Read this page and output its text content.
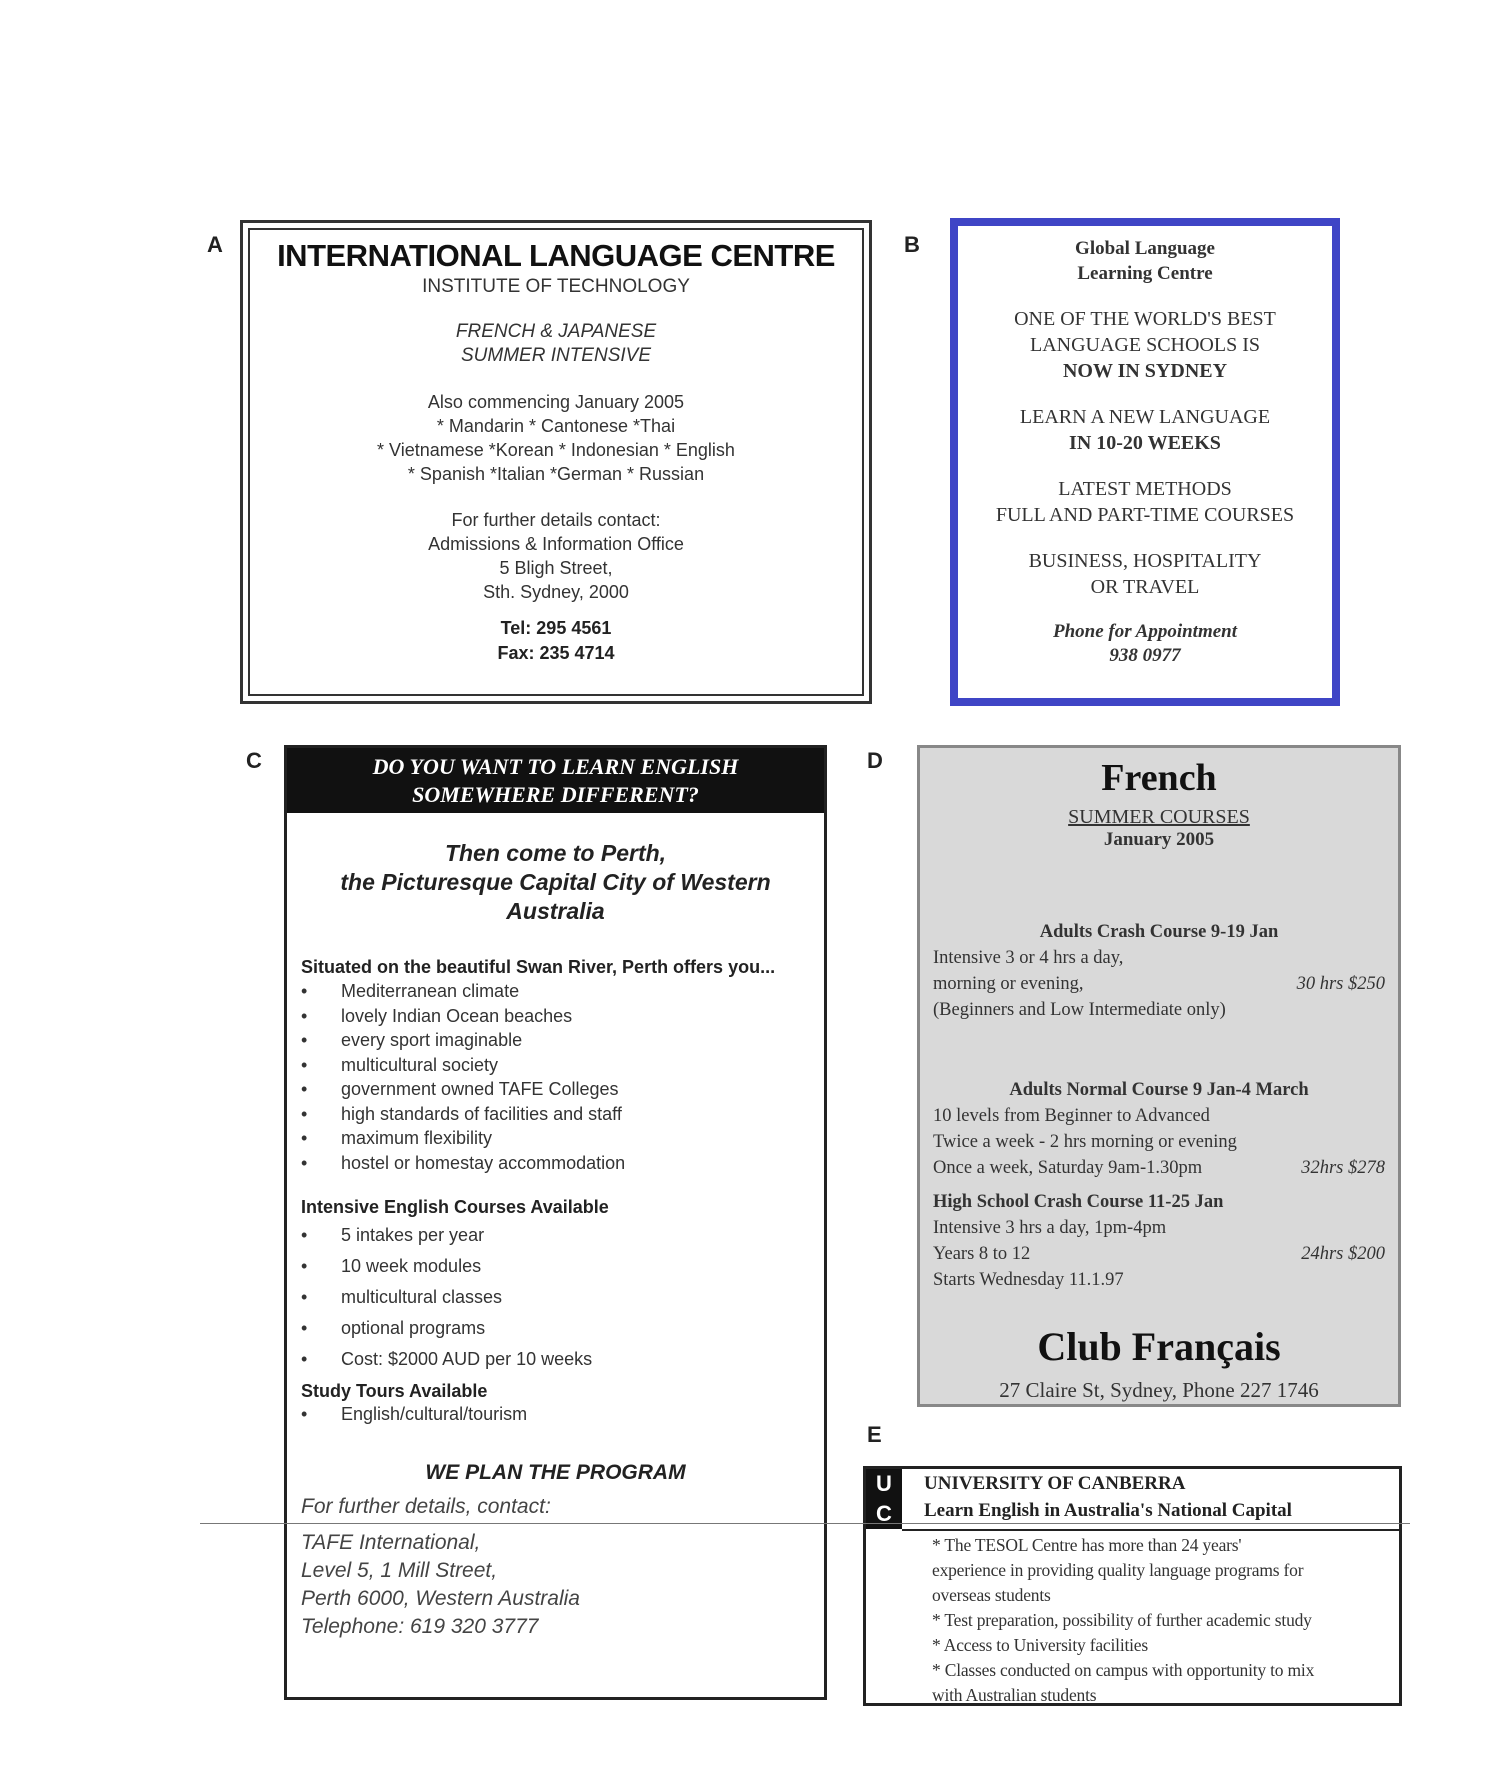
A	B
C	D
E
INTERNATIONAL LANGUAGE CENTRE
INSTITUTE OF TECHNOLOGY
FRENCH & JAPANESE
SUMMER INTENSIVE
Also commencing January 2005
* Mandarin * Cantonese *Thai
* Vietnamese *Korean * Indonesian * English
* Spanish *Italian *German * Russian
For further details contact:
Admissions & Information Office
5 Bligh Street,
Sth. Sydney, 2000
Tel: 295 4561
Fax: 235 4714
Global Language
Learning Centre
ONE OF THE WORLD'S BEST
LANGUAGE SCHOOLS IS
NOW IN SYDNEY
LEARN A NEW LANGUAGE
IN 10-20 WEEKS
LATEST METHODS
FULL AND PART-TIME COURSES
BUSINESS, HOSPITALITY
OR TRAVEL
Phone for Appointment
938 0977
DO YOU WANT TO LEARN ENGLISH
SOMEWHERE DIFFERENT?
Then come to Perth,
the Picturesque Capital City of Western
Australia
Situated on the beautiful Swan River, Perth offers you...
• Mediterranean climate
• lovely Indian Ocean beaches
• every sport imaginable
• multicultural society
• government owned TAFE Colleges
• high standards of facilities and staff
• maximum flexibility
• hostel or homestay accommodation
Intensive English Courses Available
• 5 intakes per year
• 10 week modules
• multicultural classes
• optional programs
• Cost: $2000 AUD per 10 weeks
Study Tours Available
• English/cultural/tourism
WE PLAN THE PROGRAM
For further details, contact:
TAFE International,
Level 5, 1 Mill Street,
Perth 6000, Western Australia
Telephone: 619 320 3777
French
SUMMER COURSES
January 2005
Adults Crash Course 9-19 Jan
Intensive 3 or 4 hrs a day,
morning or evening,	30 hrs $250
(Beginners and Low Intermediate only)
Adults Normal Course 9 Jan-4 March
10 levels from Beginner to Advanced
Twice a week - 2 hrs morning or evening
Once a week, Saturday 9am-1.30pm	32hrs $278
High School Crash Course 11-25 Jan
Intensive 3 hrs a day, 1pm-4pm
Years 8 to 12	24hrs $200
Starts Wednesday 11.1.97
Club Français
27 Claire St, Sydney, Phone 227 1746
U
C
UNIVERSITY OF CANBERRA
Learn English in Australia's National Capital
* The TESOL Centre has more than 24 years'
experience in providing quality language programs for
overseas students
* Test preparation, possibility of further academic study
* Access to University facilities
* Classes conducted on campus with opportunity to mix
with Australian students
